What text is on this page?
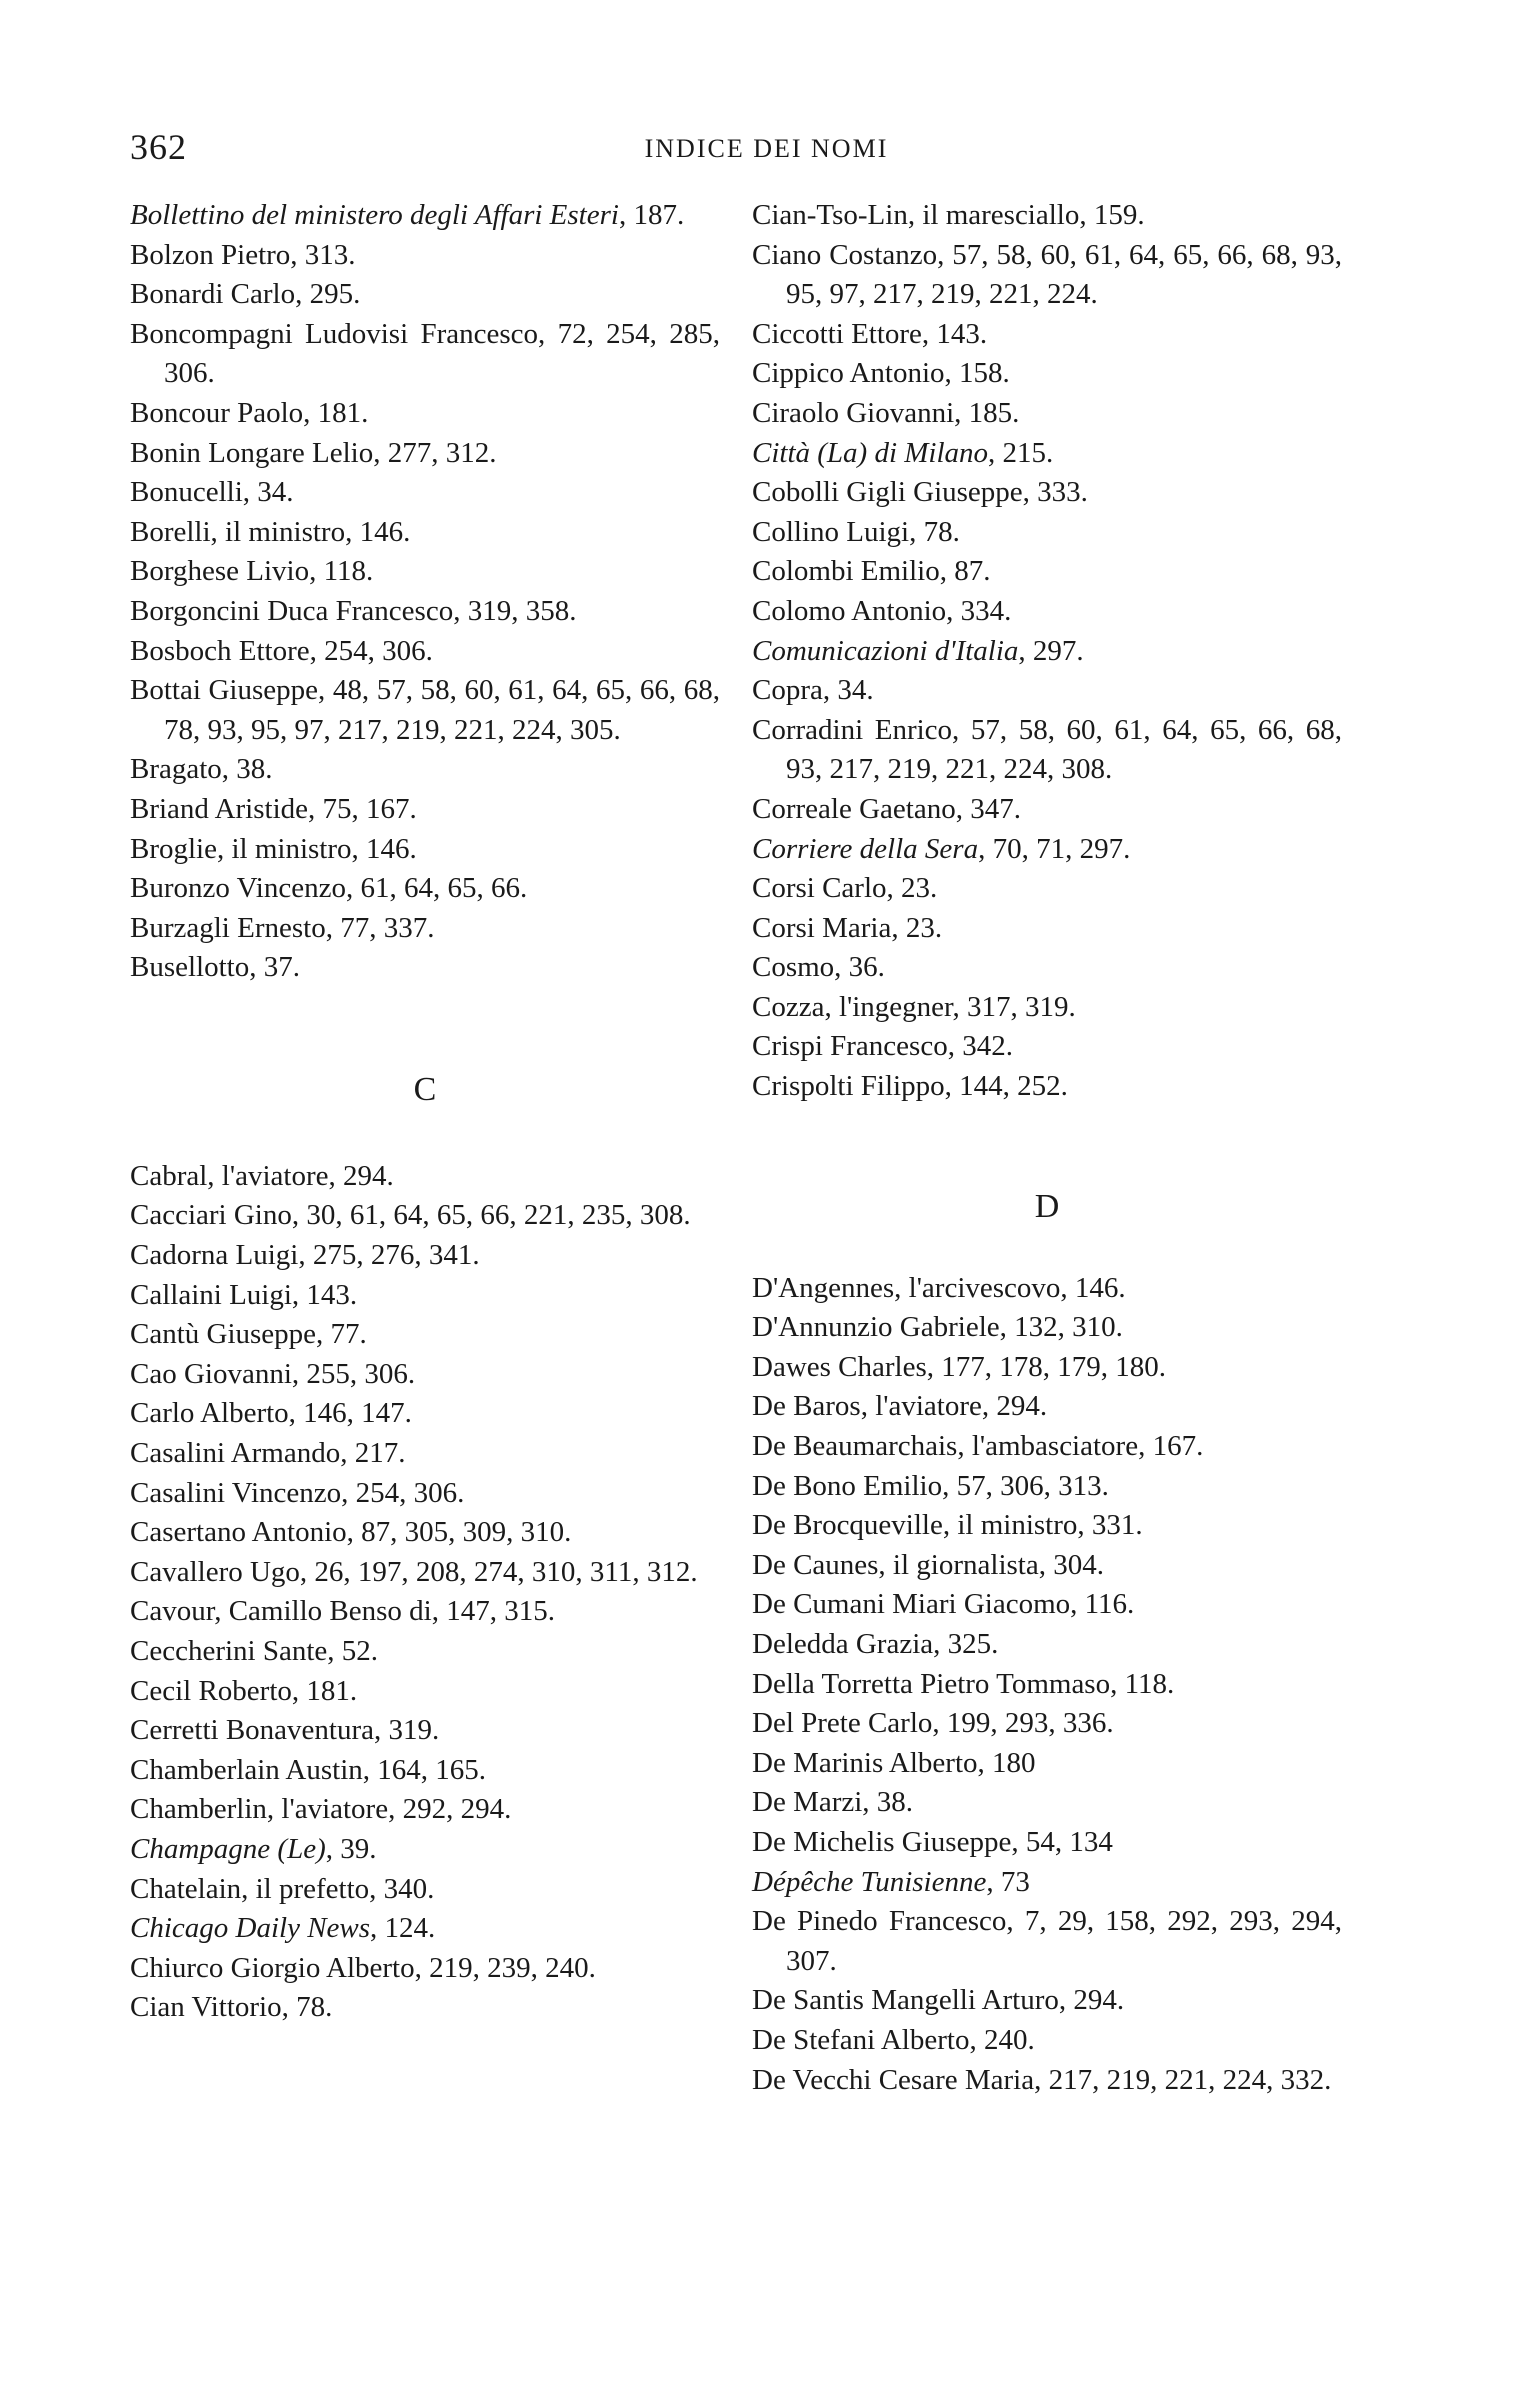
362	INDICE DEI NOMI
Bollettino del ministero degli Affari Esteri, 187.
Bolzon Pietro, 313.
Bonardi Carlo, 295.
Boncompagni Ludovisi Francesco, 72, 254, 285, 306.
Boncour Paolo, 181.
Bonin Longare Lelio, 277, 312.
Bonucelli, 34.
Borelli, il ministro, 146.
Borghese Livio, 118.
Borgoncini Duca Francesco, 319, 358.
Bosboch Ettore, 254, 306.
Bottai Giuseppe, 48, 57, 58, 60, 61, 64, 65, 66, 68, 78, 93, 95, 97, 217, 219, 221, 224, 305.
Bragato, 38.
Briand Aristide, 75, 167.
Broglie, il ministro, 146.
Buronzo Vincenzo, 61, 64, 65, 66.
Burzagli Ernesto, 77, 337.
Busellotto, 37.
C
Cabral, l'aviatore, 294.
Cacciari Gino, 30, 61, 64, 65, 66, 221, 235, 308.
Cadorna Luigi, 275, 276, 341.
Callaini Luigi, 143.
Cantù Giuseppe, 77.
Cao Giovanni, 255, 306.
Carlo Alberto, 146, 147.
Casalini Armando, 217.
Casalini Vincenzo, 254, 306.
Casertano Antonio, 87, 305, 309, 310.
Cavallero Ugo, 26, 197, 208, 274, 310, 311, 312.
Cavour, Camillo Benso di, 147, 315.
Ceccherini Sante, 52.
Cecil Roberto, 181.
Cerretti Bonaventura, 319.
Chamberlain Austin, 164, 165.
Chamberlin, l'aviatore, 292, 294.
Champagne (Le), 39.
Chatelain, il prefetto, 340.
Chicago Daily News, 124.
Chiurco Giorgio Alberto, 219, 239, 240.
Cian Vittorio, 78.
Cian-Tso-Lin, il maresciallo, 159.
Ciano Costanzo, 57, 58, 60, 61, 64, 65, 66, 68, 93, 95, 97, 217, 219, 221, 224.
Ciccotti Ettore, 143.
Cippico Antonio, 158.
Ciraolo Giovanni, 185.
Città (La) di Milano, 215.
Cobolli Gigli Giuseppe, 333.
Collino Luigi, 78.
Colombi Emilio, 87.
Colomo Antonio, 334.
Comunicazioni d'Italia, 297.
Copra, 34.
Corradini Enrico, 57, 58, 60, 61, 64, 65, 66, 68, 93, 217, 219, 221, 224, 308.
Correale Gaetano, 347.
Corriere della Sera, 70, 71, 297.
Corsi Carlo, 23.
Corsi Maria, 23.
Cosmo, 36.
Cozza, l'ingegner, 317, 319.
Crispi Francesco, 342.
Crispolti Filippo, 144, 252.
D
D'Angennes, l'arcivescovo, 146.
D'Annunzio Gabriele, 132, 310.
Dawes Charles, 177, 178, 179, 180.
De Baros, l'aviatore, 294.
De Beaumarchais, l'ambasciatore, 167.
De Bono Emilio, 57, 306, 313.
De Brocqueville, il ministro, 331.
De Caunes, il giornalista, 304.
De Cumani Miari Giacomo, 116.
Deledda Grazia, 325.
Della Torretta Pietro Tommaso, 118.
Del Prete Carlo, 199, 293, 336.
De Marinis Alberto, 180
De Marzi, 38.
De Michelis Giuseppe, 54, 134
Dépêche Tunisienne, 73
De Pinedo Francesco, 7, 29, 158, 292, 293, 294, 307.
De Santis Mangelli Arturo, 294.
De Stefani Alberto, 240.
De Vecchi Cesare Maria, 217, 219, 221, 224, 332.
